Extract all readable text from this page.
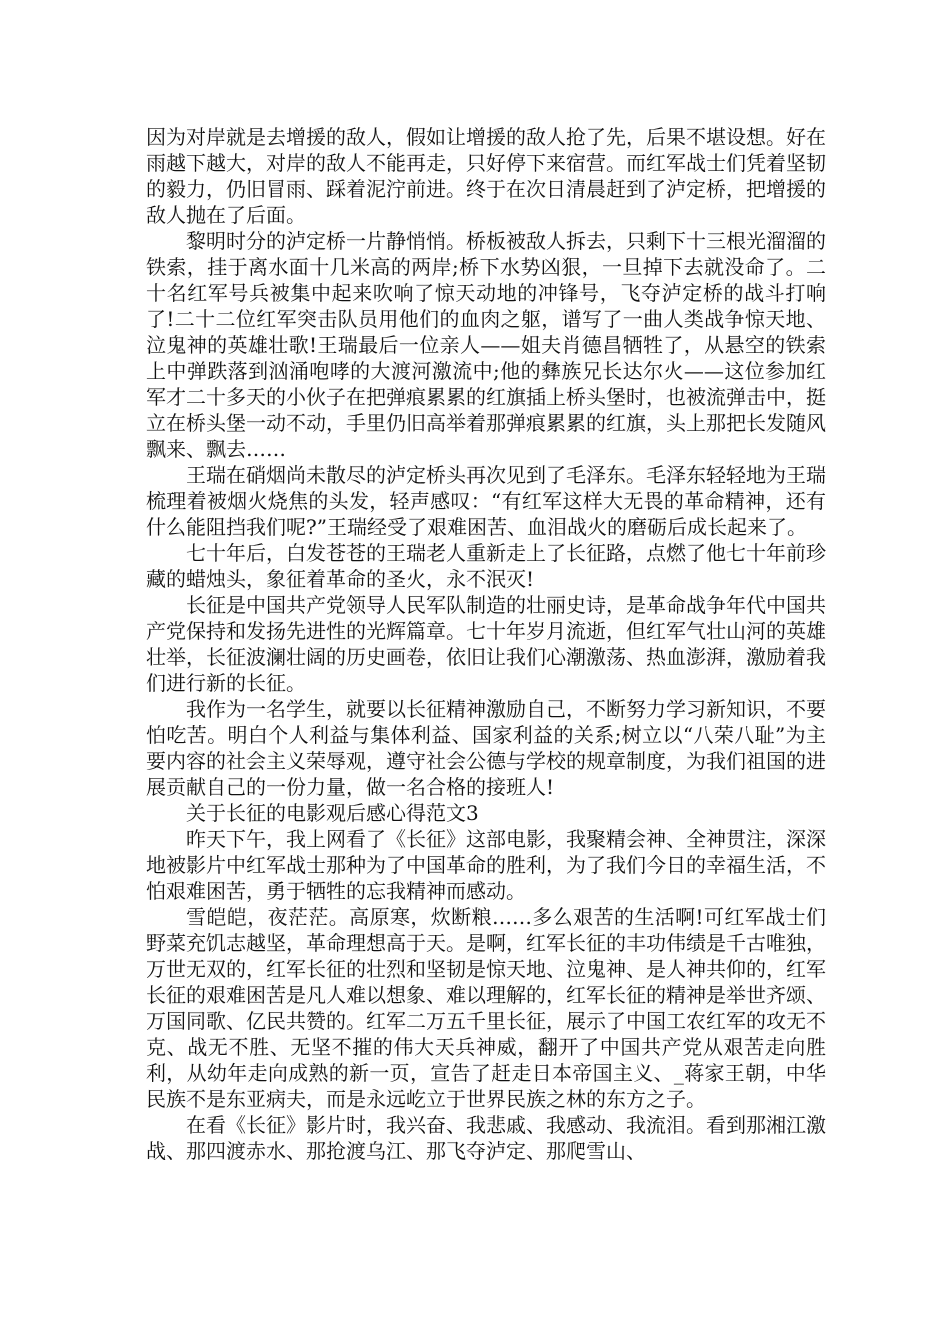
因为对岸就是去增援的敌人，假如让增援的敌人抢了先，后果不堪设想。好在雨越下越大，对岸的敌人不能再走，只好停下来宿营。而红军战士们凭着坚韧的毅力，仍旧冒雨、踩着泥泞前进。终于在次日清晨赶到了泸定桥，把增援的敌人抛在了后面。

黎明时分的泸定桥一片静悄悄。桥板被敌人拆去，只剩下十三根光溜溜的铁索，挂于离水面十几米高的两岸;桥下水势凶狠，一旦掉下去就没命了。二十名红军号兵被集中起来吹响了惊天动地的冲锋号，飞夺泸定桥的战斗打响了!二十二位红军突击队员用他们的血肉之躯，谱写了一曲人类战争惊天地、泣鬼神的英雄壮歌!王瑞最后一位亲人——姐夫肖德昌牺牲了，从悬空的铁索上中弹跌落到汹涌咆哮的大渡河激流中;他的彝族兄长达尔火——这位参加红军才二十多天的小伙子在把弹痕累累的红旗插上桥头堡时，也被流弹击中，挺立在桥头堡一动不动，手里仍旧高举着那弹痕累累的红旗，头上那把长发随风飘来、飘去……

王瑞在硝烟尚未散尽的泸定桥头再次见到了毛泽东。毛泽东轻轻地为王瑞梳理着被烟火烧焦的头发，轻声感叹：“有红军这样大无畏的革命精神，还有什么能阻挡我们呢?”王瑞经受了艰难困苦、血泪战火的磨砺后成长起来了。

七十年后，白发苍苍的王瑞老人重新走上了长征路，点燃了他七十年前珍藏的蜡烛头，象征着革命的圣火，永不泯灭!

长征是中国共产党领导人民军队制造的壮丽史诗，是革命战争年代中国共产党保持和发扬先进性的光辉篇章。七十年岁月流逝，但红军气壮山河的英雄壮举，长征波澜壮阔的历史画卷，依旧让我们心潮激荡、热血澎湃，激励着我们进行新的长征。

我作为一名学生，就要以长征精神激励自己，不断努力学习新知识，不要怕吃苦。明白个人利益与集体利益、国家利益的关系;树立以“八荣八耻”为主要内容的社会主义荣辱观，遵守社会公德与学校的规章制度，为我们祖国的进展贡献自己的一份力量，做一名合格的接班人!

关于长征的电影观后感心得范文3

昨天下午，我上网看了《长征》这部电影，我聚精会神、全神贯注，深深地被影片中红军战士那种为了中国革命的胜利，为了我们今日的幸福生活，不怕艰难困苦，勇于牺牲的忘我精神而感动。

雪皑皑，夜茫茫。高原寒，炊断粮……多么艰苦的生活啊!可红军战士们野菜充饥志越坚，革命理想高于天。是啊，红军长征的丰功伟绩是千古唯独，万世无双的，红军长征的壮烈和坚韧是惊天地、泣鬼神、是人神共仰的，红军长征的艰难困苦是凡人难以想象、难以理解的，红军长征的精神是举世齐颂、万国同歌、亿民共赞的。红军二万五千里长征，展示了中国工农红军的攻无不克、战无不胜、无坚不摧的伟大天兵神威，翻开了中国共产党从艰苦走向胜利，从幼年走向成熟的新一页，宣告了赶走日本帝国主义、_蒋家王朝，中华民族不是东亚病夫，而是永远屹立于世界民族之林的东方之子。

在看《长征》影片时，我兴奋、我悲戚、我感动、我流泪。看到那湘江激战、那四渡赤水、那抢渡乌江、那飞夺泸定、那爬雪山、
